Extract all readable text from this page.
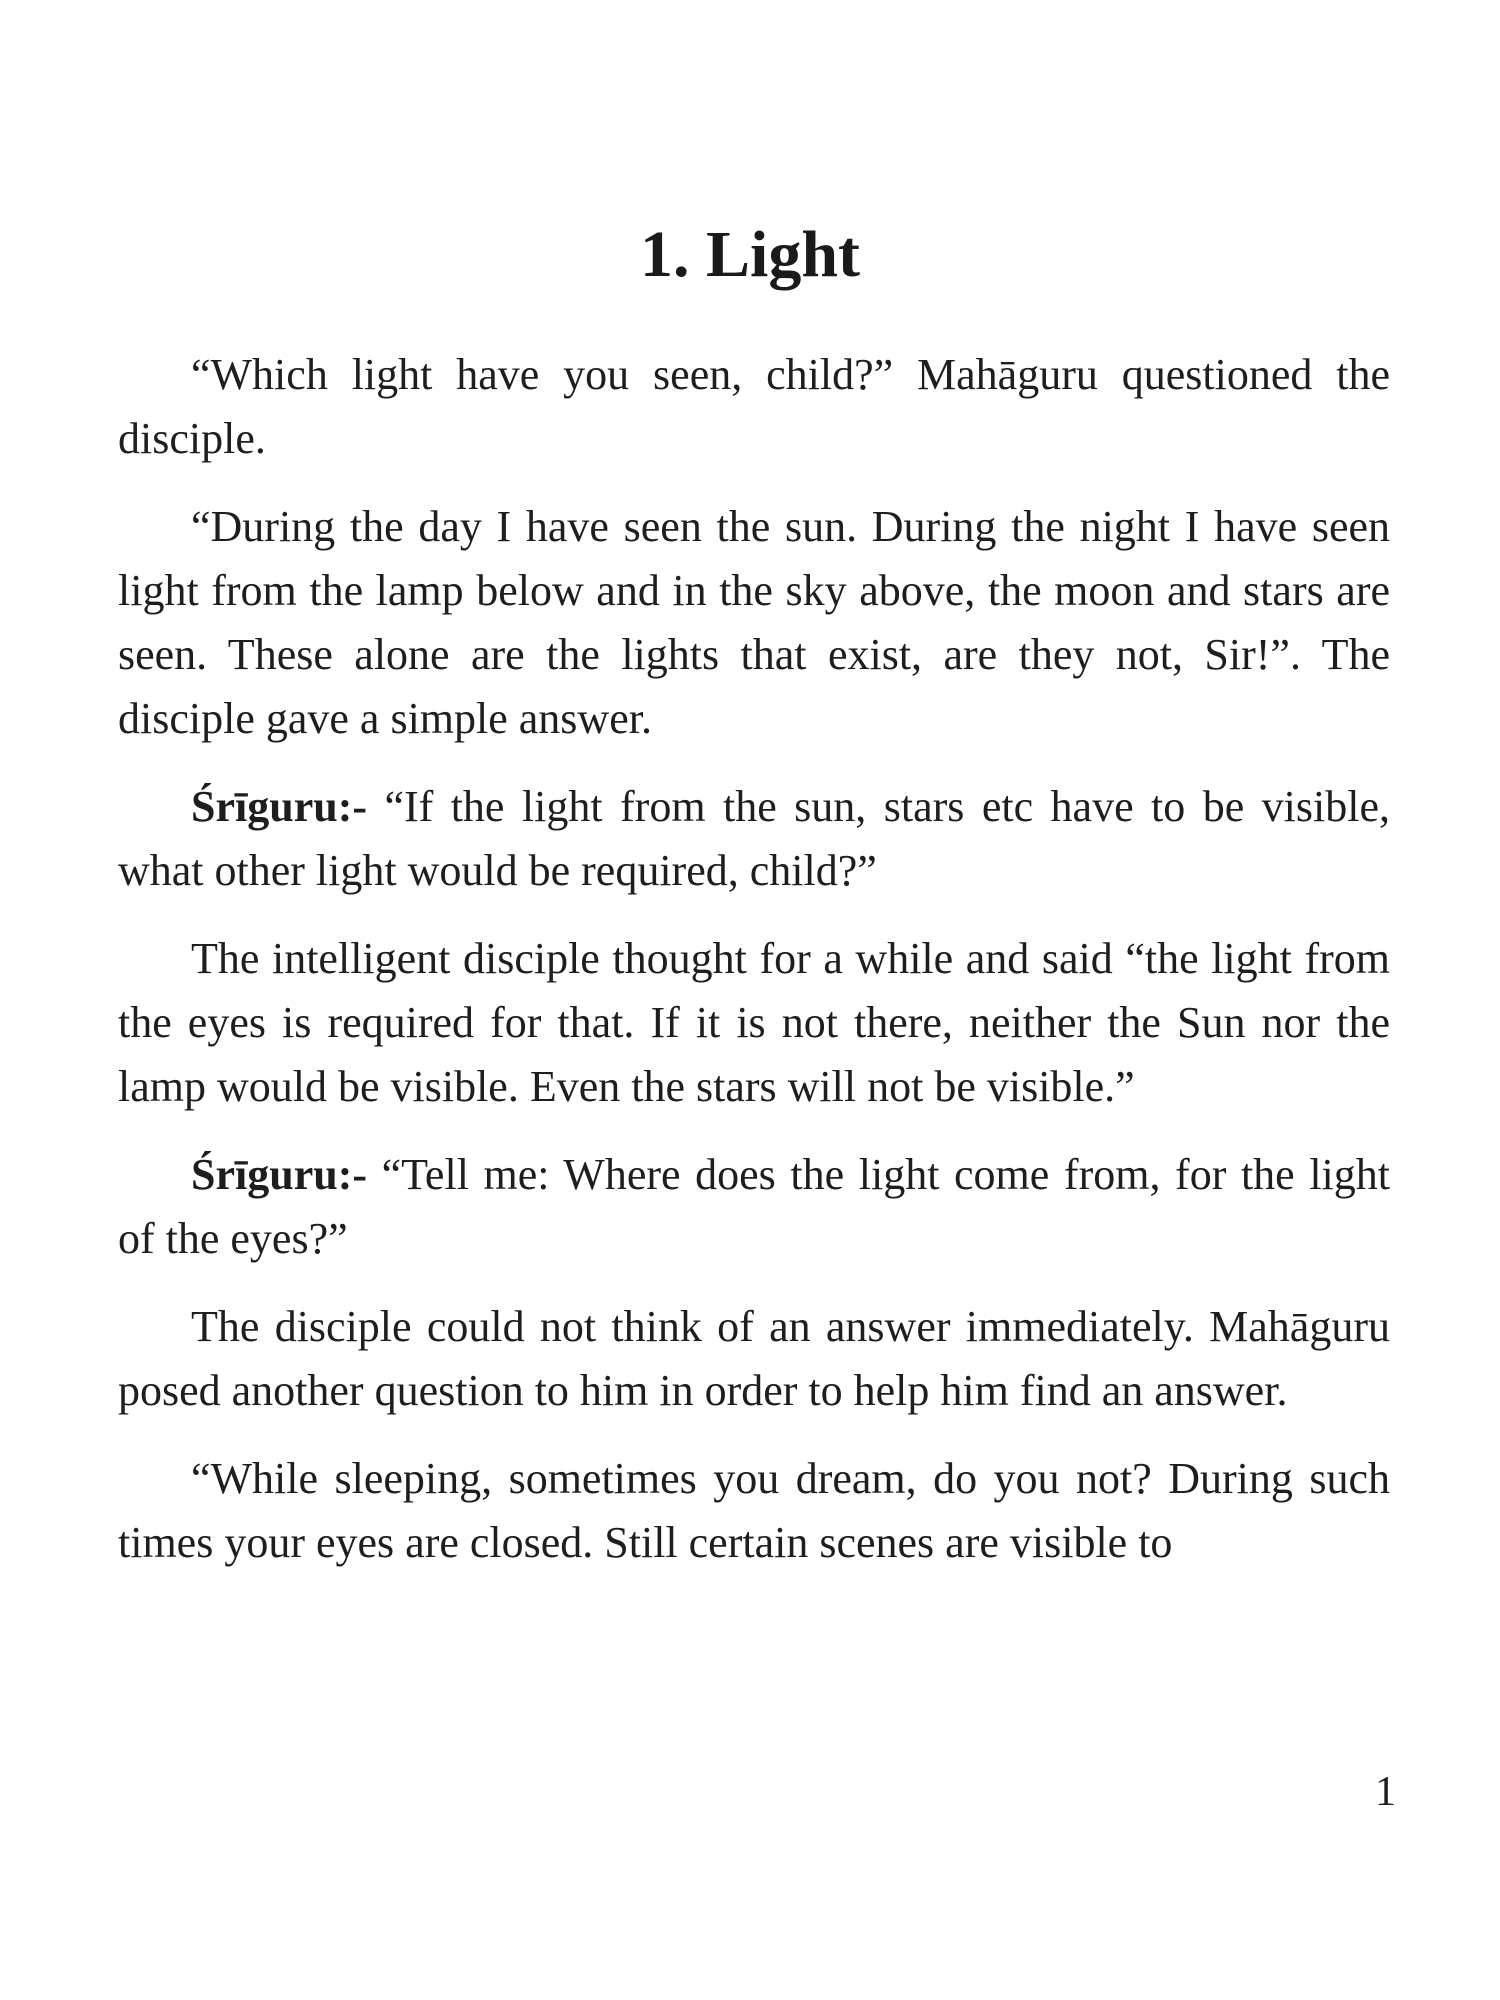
1. Light

“Which light have you seen, child?” Mahāguru questioned the disciple.

“During the day I have seen the sun. During the night I have seen light from the lamp below and in the sky above, the moon and stars are seen. These alone are the lights that exist, are they not, Sir!”. The disciple gave a simple answer.

Śrīguru:- “If the light from the sun, stars etc have to be visible, what other light would be required, child?”

The intelligent disciple thought for a while and said “the light from the eyes is required for that. If it is not there, neither the Sun nor the lamp would be visible. Even the stars will not be visible.”

Śrīguru:- “Tell me: Where does the light come from, for the light of the eyes?”

The disciple could not think of an answer immediately. Mahāguru posed another question to him in order to help him find an answer.

“While sleeping, sometimes you dream, do you not? During such times your eyes are closed. Still certain scenes are visible to

1
